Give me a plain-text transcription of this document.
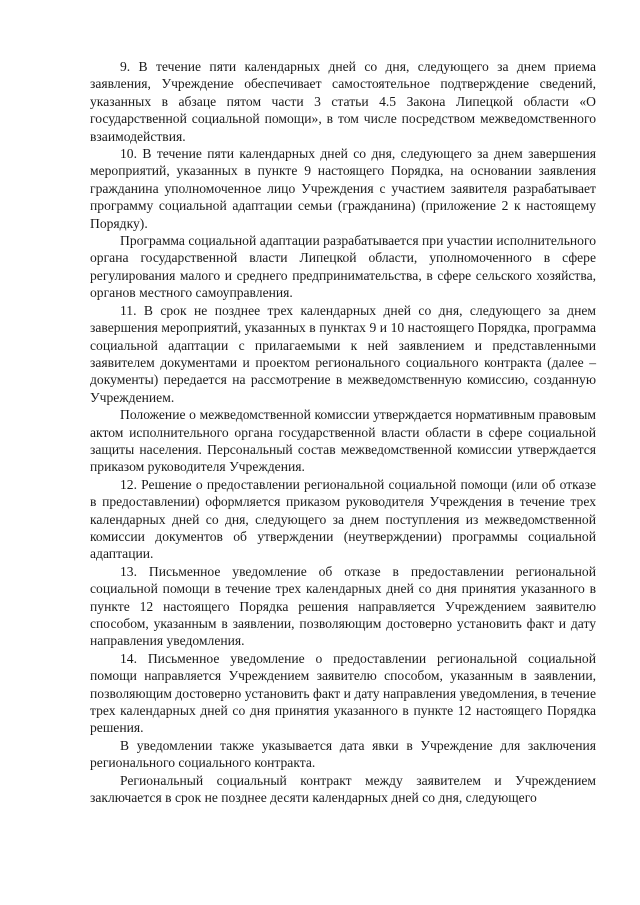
9. В течение пяти календарных дней со дня, следующего за днем приема заявления, Учреждение обеспечивает самостоятельное подтверждение сведений, указанных в абзаце пятом части 3 статьи 4.5 Закона Липецкой области «О государственной социальной помощи», в том числе посредством межведомственного взаимодействия.

10. В течение пяти календарных дней со дня, следующего за днем завершения мероприятий, указанных в пункте 9 настоящего Порядка, на основании заявления гражданина уполномоченное лицо Учреждения с участием заявителя разрабатывает программу социальной адаптации семьи (гражданина) (приложение 2 к настоящему Порядку).

Программа социальной адаптации разрабатывается при участии исполнительного органа государственной власти Липецкой области, уполномоченного в сфере регулирования малого и среднего предпринимательства, в сфере сельского хозяйства, органов местного самоуправления.

11. В срок не позднее трех календарных дней со дня, следующего за днем завершения мероприятий, указанных в пунктах 9 и 10 настоящего Порядка, программа социальной адаптации с прилагаемыми к ней заявлением и представленными заявителем документами и проектом регионального социального контракта (далее – документы) передается на рассмотрение в межведомственную комиссию, созданную Учреждением.

Положение о межведомственной комиссии утверждается нормативным правовым актом исполнительного органа государственной власти области в сфере социальной защиты населения. Персональный состав межведомственной комиссии утверждается приказом руководителя Учреждения.

12. Решение о предоставлении региональной социальной помощи (или об отказе в предоставлении) оформляется приказом руководителя Учреждения в течение трех календарных дней со дня, следующего за днем поступления из межведомственной комиссии документов об утверждении (неутверждении) программы социальной адаптации.

13. Письменное уведомление об отказе в предоставлении региональной социальной помощи в течение трех календарных дней со дня принятия указанного в пункте 12 настоящего Порядка решения направляется Учреждением заявителю способом, указанным в заявлении, позволяющим достоверно установить факт и дату направления уведомления.

14. Письменное уведомление о предоставлении региональной социальной помощи направляется Учреждением заявителю способом, указанным в заявлении, позволяющим достоверно установить факт и дату направления уведомления, в течение трех календарных дней со дня принятия указанного в пункте 12 настоящего Порядка решения.

В уведомлении также указывается дата явки в Учреждение для заключения регионального социального контракта.

Региональный социальный контракт между заявителем и Учреждением заключается в срок не позднее десяти календарных дней со дня, следующего
